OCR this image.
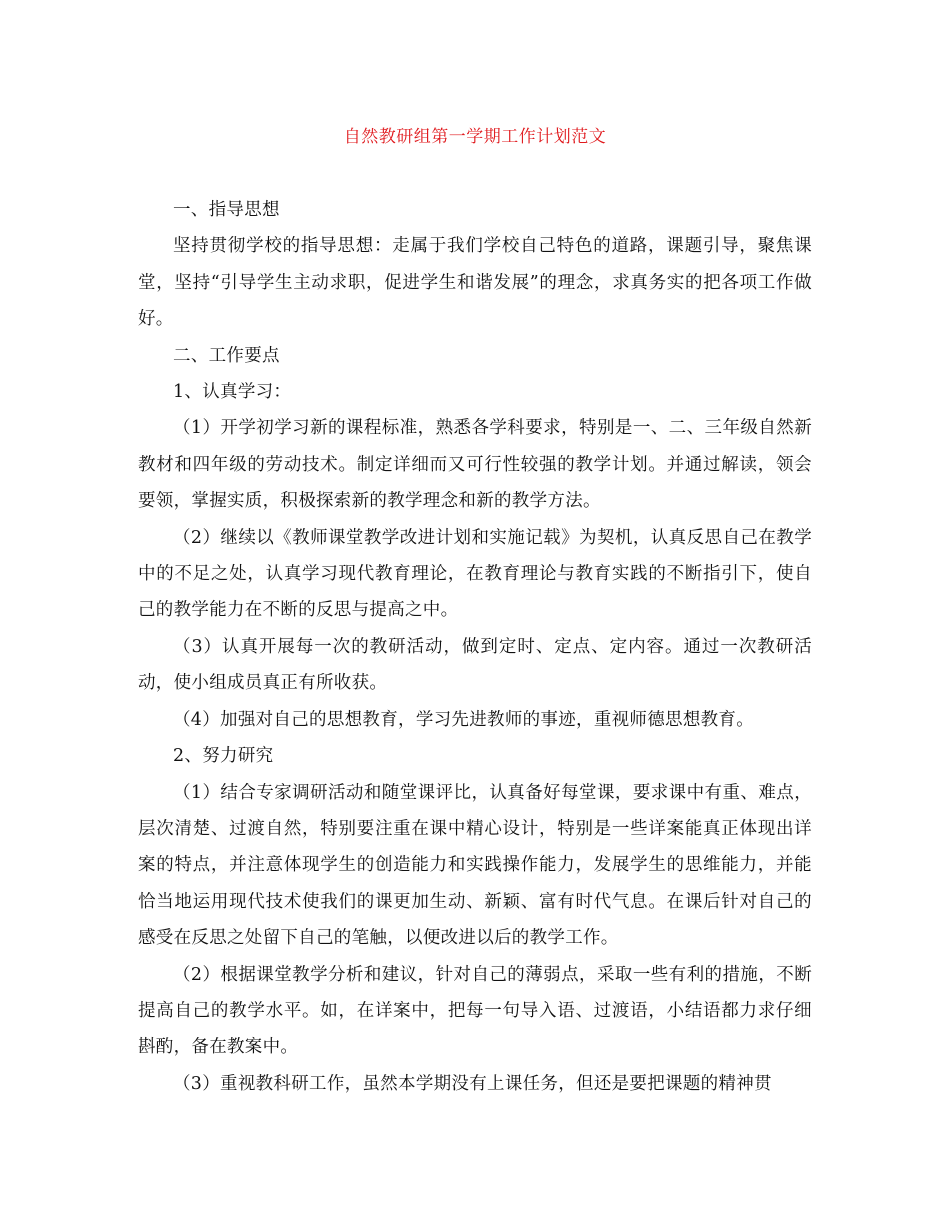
自然教研组第一学期工作计划范文

一、指导思想

坚持贯彻学校的指导思想：走属于我们学校自己特色的道路，课题引导，聚焦课堂，坚持“引导学生主动求职，促进学生和谐发展”的理念，求真务实的把各项工作做好。

二、工作要点

1、认真学习：

（1）开学初学习新的课程标准，熟悉各学科要求，特别是一、二、三年级自然新教材和四年级的劳动技术。制定详细而又可行性较强的教学计划。并通过解读，领会要领，掌握实质，积极探索新的教学理念和新的教学方法。

（2）继续以《教师课堂教学改进计划和实施记载》为契机，认真反思自己在教学中的不足之处，认真学习现代教育理论，在教育理论与教育实践的不断指引下，使自己的教学能力在不断的反思与提高之中。

（3）认真开展每一次的教研活动，做到定时、定点、定内容。通过一次教研活动，使小组成员真正有所收获。

（4）加强对自己的思想教育，学习先进教师的事迹，重视师德思想教育。

2、努力研究

（1）结合专家调研活动和随堂课评比，认真备好每堂课，要求课中有重、难点，层次清楚、过渡自然，特别要注重在课中精心设计，特别是一些详案能真正体现出详案的特点，并注意体现学生的创造能力和实践操作能力，发展学生的思维能力，并能恰当地运用现代技术使我们的课更加生动、新颖、富有时代气息。在课后针对自己的感受在反思之处留下自己的笔触，以便改进以后的教学工作。

（2）根据课堂教学分析和建议，针对自己的薄弱点，采取一些有利的措施，不断提高自己的教学水平。如，在详案中，把每一句导入语、过渡语，小结语都力求仔细斟酌，备在教案中。

（3）重视教科研工作，虽然本学期没有上课任务，但还是要把课题的精神贯
